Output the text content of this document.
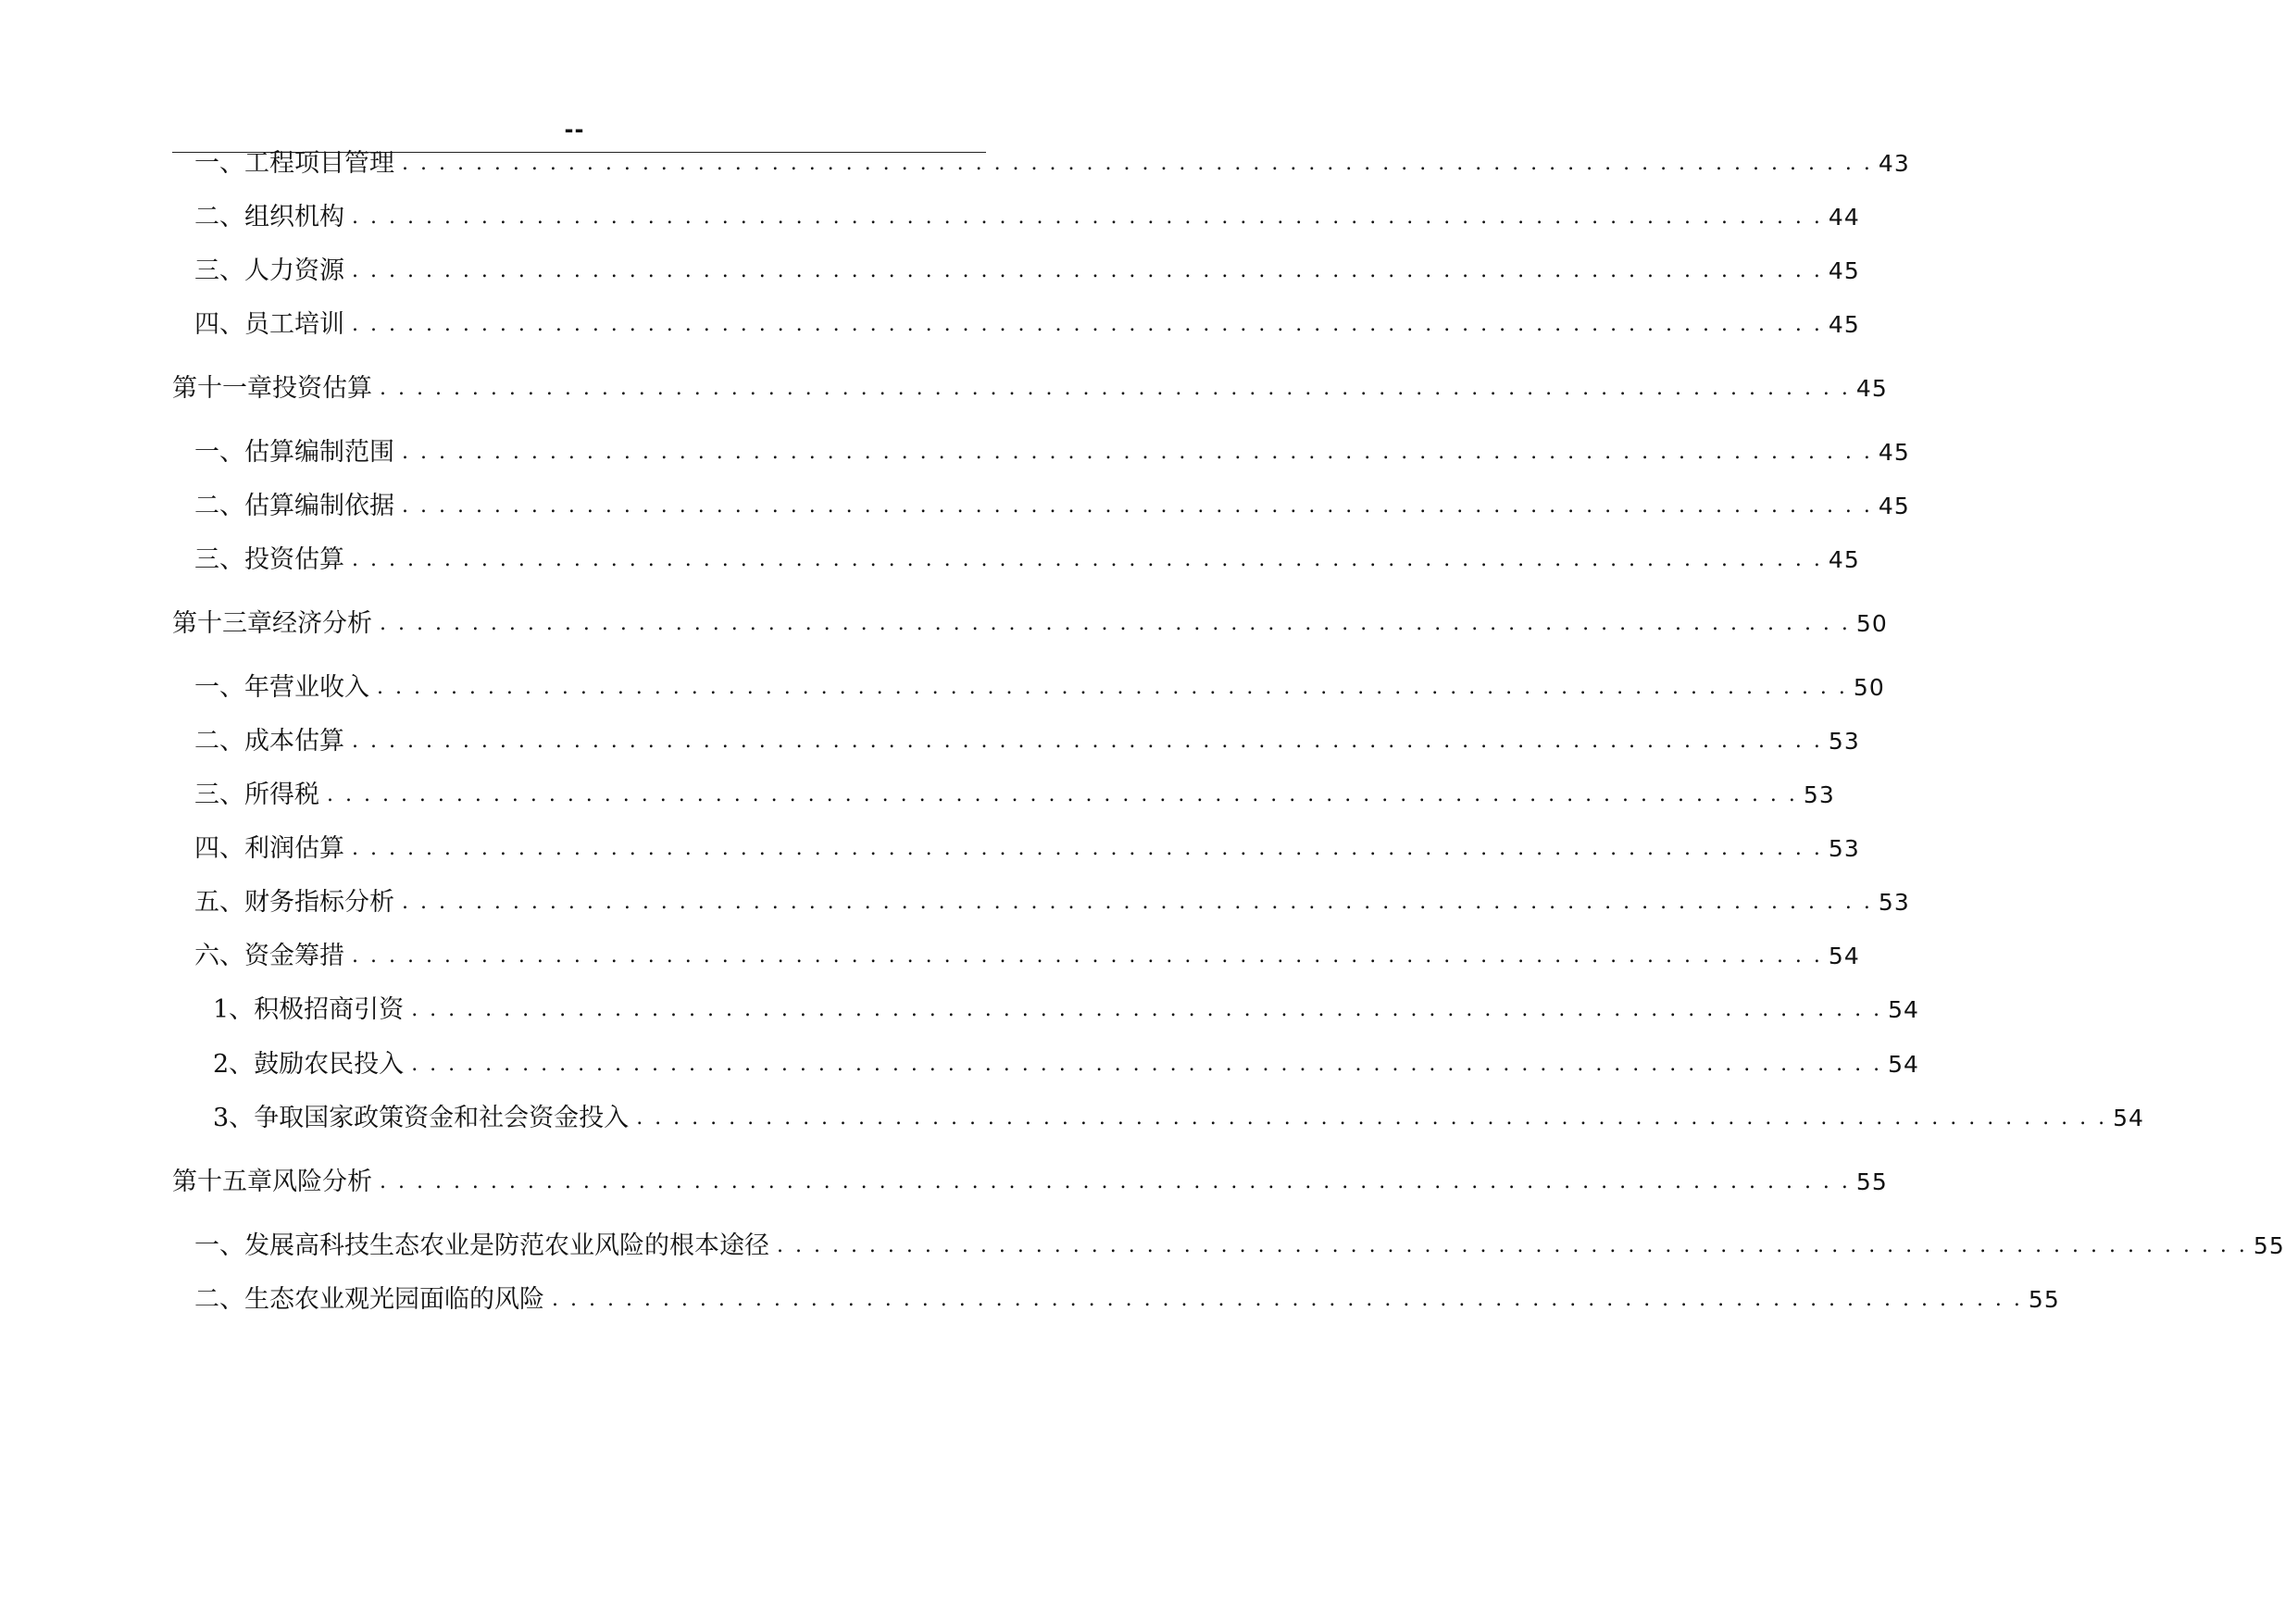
--
一、 工程项目管理 . . . . . . . . . . . . . . . . . . . . . . . . . . . . . . . . . . . . . . . . . . . . . . . . . . . . . . . . . . . . . . . . . . . . . . . . . . . . . . . . 43
二、 组织机构 . . . . . . . . . . . . . . . . . . . . . . . . . . . . . . . . . . . . . . . . . . . . . . . . . . . . . . . . . . . . . . . . . . . . . . . . . . . . . . . . 44
三、 人力资源 . . . . . . . . . . . . . . . . . . . . . . . . . . . . . . . . . . . . . . . . . . . . . . . . . . . . . . . . . . . . . . . . . . . . . . . . . . . . . . . . 45
四、 员工培训 . . . . . . . . . . . . . . . . . . . . . . . . . . . . . . . . . . . . . . . . . . . . . . . . . . . . . . . . . . . . . . . . . . . . . . . . . . . . . . . . 45
第十一章 投资估算 . . . . . . . . . . . . . . . . . . . . . . . . . . . . . . . . . . . . . . . . . . . . . . . . . . . . . . . . . . . . . . . . . . . . . . . . . . . . . . . . 45
一、 估算编制范围 . . . . . . . . . . . . . . . . . . . . . . . . . . . . . . . . . . . . . . . . . . . . . . . . . . . . . . . . . . . . . . . . . . . . . . . . . . . . . . . . 45
二、 估算编制依据 . . . . . . . . . . . . . . . . . . . . . . . . . . . . . . . . . . . . . . . . . . . . . . . . . . . . . . . . . . . . . . . . . . . . . . . . . . . . . . . . 45
三、 投资估算 . . . . . . . . . . . . . . . . . . . . . . . . . . . . . . . . . . . . . . . . . . . . . . . . . . . . . . . . . . . . . . . . . . . . . . . . . . . . . . . . 45
第十三章 经济分析 . . . . . . . . . . . . . . . . . . . . . . . . . . . . . . . . . . . . . . . . . . . . . . . . . . . . . . . . . . . . . . . . . . . . . . . . . . . . . . . . 50
一、 年营业收入 . . . . . . . . . . . . . . . . . . . . . . . . . . . . . . . . . . . . . . . . . . . . . . . . . . . . . . . . . . . . . . . . . . . . . . . . . . . . . . . . 50
二、 成本估算 . . . . . . . . . . . . . . . . . . . . . . . . . . . . . . . . . . . . . . . . . . . . . . . . . . . . . . . . . . . . . . . . . . . . . . . . . . . . . . . . 53
三、 所得税 . . . . . . . . . . . . . . . . . . . . . . . . . . . . . . . . . . . . . . . . . . . . . . . . . . . . . . . . . . . . . . . . . . . . . . . . . . . . . . . . 53
四、 利润估算 . . . . . . . . . . . . . . . . . . . . . . . . . . . . . . . . . . . . . . . . . . . . . . . . . . . . . . . . . . . . . . . . . . . . . . . . . . . . . . . . 53
五、 财务指标分析 . . . . . . . . . . . . . . . . . . . . . . . . . . . . . . . . . . . . . . . . . . . . . . . . . . . . . . . . . . . . . . . . . . . . . . . . . . . . . . . . 53
六、 资金筹措 . . . . . . . . . . . . . . . . . . . . . . . . . . . . . . . . . . . . . . . . . . . . . . . . . . . . . . . . . . . . . . . . . . . . . . . . . . . . . . . . 54
1、 积极招商引资 . . . . . . . . . . . . . . . . . . . . . . . . . . . . . . . . . . . . . . . . . . . . . . . . . . . . . . . . . . . . . . . . . . . . . . . . . . . . . . . . 54
2、 鼓励农民投入 . . . . . . . . . . . . . . . . . . . . . . . . . . . . . . . . . . . . . . . . . . . . . . . . . . . . . . . . . . . . . . . . . . . . . . . . . . . . . . . . 54
3、 争取国家政策资金和社会资金投入 . . . . . . . . . . . . . . . . . . . . . . . . . . . . . . . . . . . . . . . . . . . . . . . . . . . . . . . . . . . . . . . . . . . . . . . . . . . . . . . . 54
第十五章 风险分析 . . . . . . . . . . . . . . . . . . . . . . . . . . . . . . . . . . . . . . . . . . . . . . . . . . . . . . . . . . . . . . . . . . . . . . . . . . . . . . . . 55
一、 发展高科技生态农业是防范农业风险的根本途径 . . . . . . . . . . . . . . . . . . . . . . . . . . . . . . . . . . . . . . . . . . . . . . . . . . . . . . . . . . . . . . . . . . . . . . . . . . . . . . . . 55
二、 生态农业观光园面临的风险 . . . . . . . . . . . . . . . . . . . . . . . . . . . . . . . . . . . . . . . . . . . . . . . . . . . . . . . . . . . . . . . . . . . . . . . . . . . . . . . . 55
